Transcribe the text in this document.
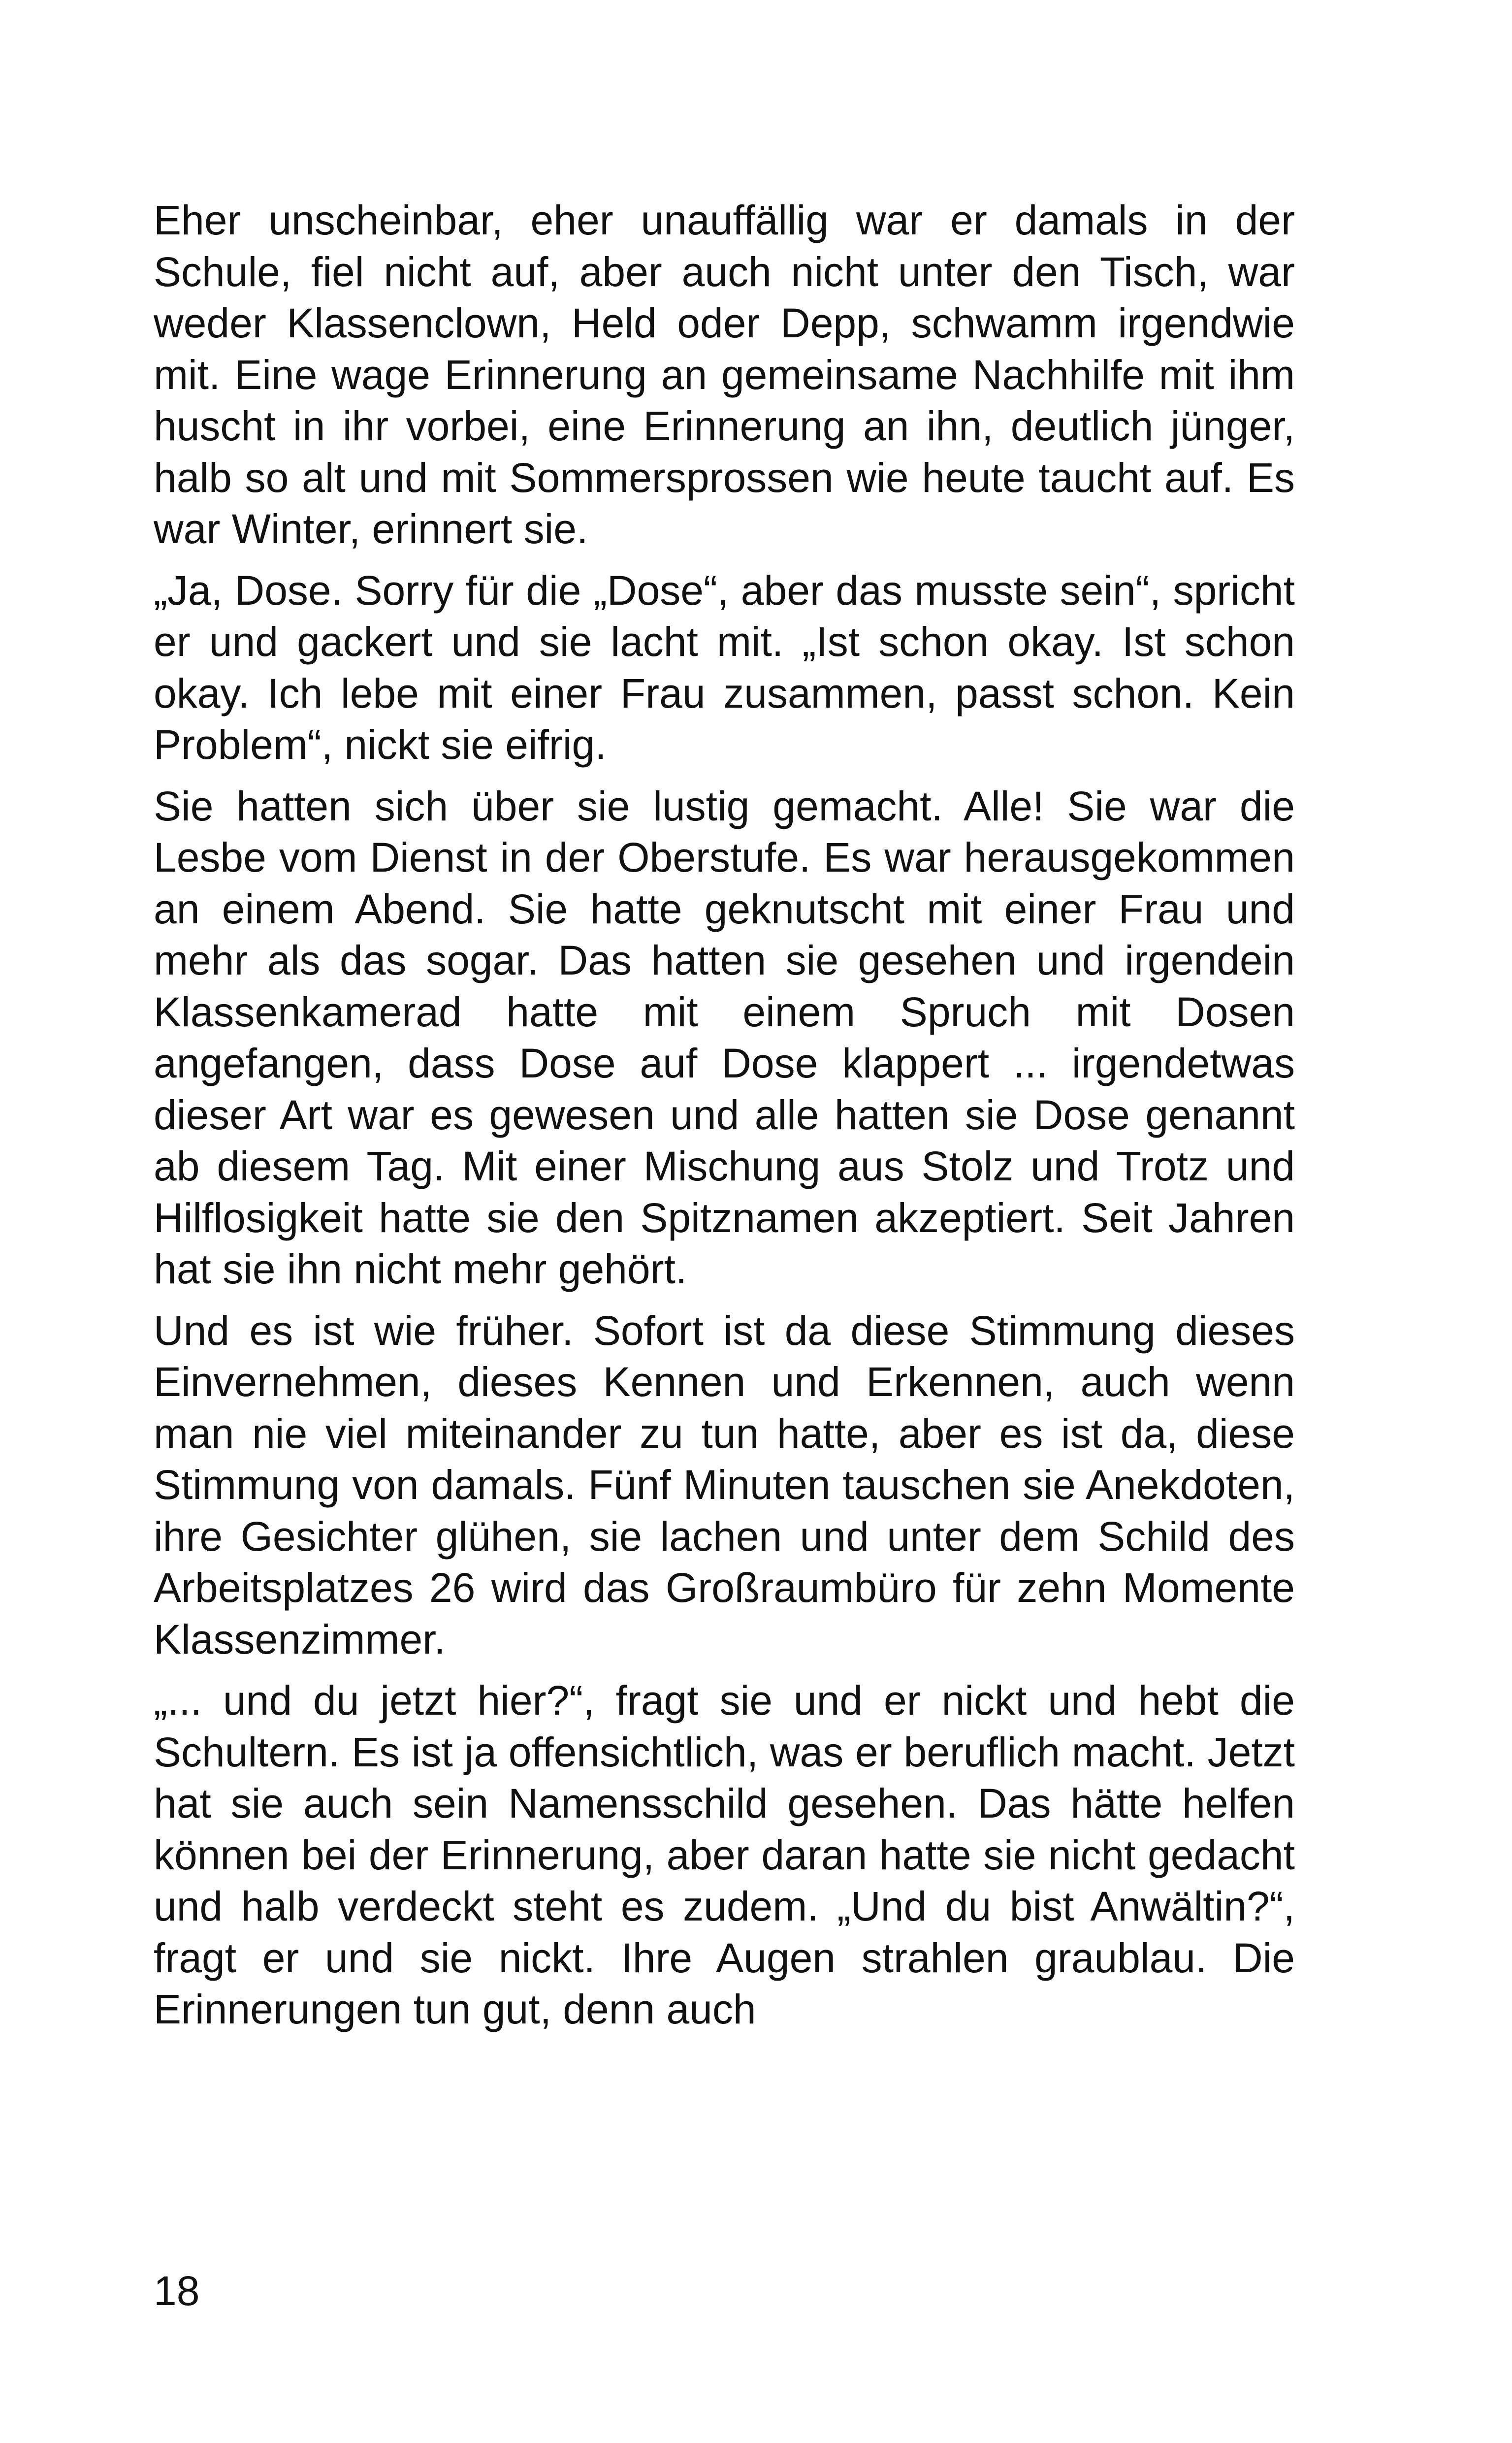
Eher unscheinbar, eher unauffällig war er damals in der Schule, fiel nicht auf, aber auch nicht unter den Tisch, war weder Klassenclown, Held oder Depp, schwamm irgendwie mit. Eine wage Erinnerung an gemeinsame Nachhilfe mit ihm huscht in ihr vorbei, eine Erinnerung an ihn, deutlich jünger, halb so alt und mit Sommersprossen wie heute taucht auf. Es war Winter, erinnert sie.

„Ja, Dose. Sorry für die „Dose“, aber das musste sein“, spricht er und gackert und sie lacht mit. „Ist schon okay. Ist schon okay. Ich lebe mit einer Frau zusammen, passt schon. Kein Problem“, nickt sie eifrig.

Sie hatten sich über sie lustig gemacht. Alle! Sie war die Lesbe vom Dienst in der Oberstufe. Es war herausgekommen an einem Abend. Sie hatte geknutscht mit einer Frau und mehr als das sogar. Das hatten sie gesehen und irgendein Klassenkamerad hatte mit einem Spruch mit Dosen angefangen, dass Dose auf Dose klappert ... irgendetwas dieser Art war es gewesen und alle hatten sie Dose genannt ab diesem Tag. Mit einer Mischung aus Stolz und Trotz und Hilflosigkeit hatte sie den Spitznamen akzeptiert. Seit Jahren hat sie ihn nicht mehr gehört.

Und es ist wie früher. Sofort ist da diese Stimmung dieses Einvernehmen, dieses Kennen und Erkennen, auch wenn man nie viel miteinander zu tun hatte, aber es ist da, diese Stimmung von damals. Fünf Minuten tauschen sie Anekdoten, ihre Gesichter glühen, sie lachen und unter dem Schild des Arbeitsplatzes 26 wird das Großraumbüro für zehn Momente Klassenzimmer.

„... und du jetzt hier?“, fragt sie und er nickt und hebt die Schultern. Es ist ja offensichtlich, was er beruflich macht. Jetzt hat sie auch sein Namensschild gesehen. Das hätte helfen können bei der Erinnerung, aber daran hatte sie nicht gedacht und halb verdeckt steht es zudem. „Und du bist Anwältin?“, fragt er und sie nickt. Ihre Augen strahlen graublau. Die Erinnerungen tun gut, denn auch

18
